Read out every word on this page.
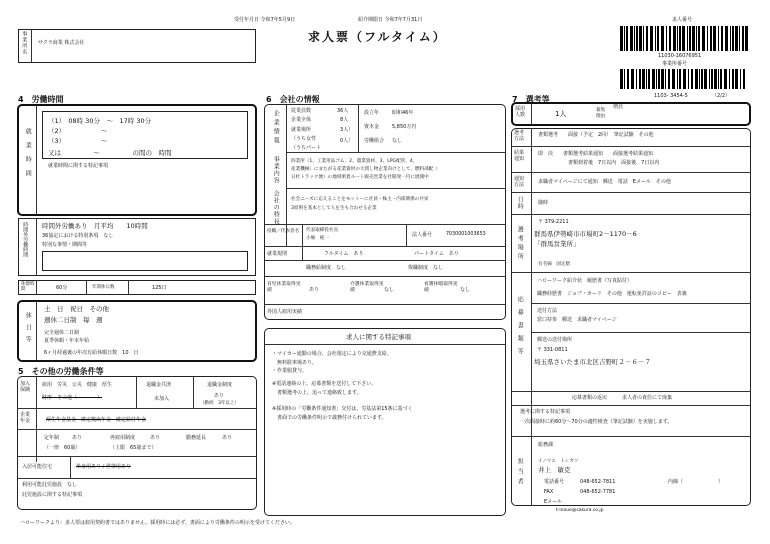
受付年月日 令和7年5月9日	紹介期限日 令和7年7月31日
求人票（フルタイム）
事業所名 サクラ商業 株式会社
求人番号
11030-16076951
事業所番号
1103- 3454-5	（2/2）
4　労働時間
就業時間
（1）　08時 30分　〜　17時 30分
（2）　　　　　　〜
（3）　　　　　　〜
又は　　　　　〜　　　　　の間の　時間
就業時間に関する特記事項
時間外労働時間 時間外労働あり　月平均　　10時間
36協定における特別条項　なし
特別な事情・期間等
休憩時間	60分	年間休日数	125日
休日等
土　日　祝日　その他
週休二日制　毎　週
完全週休二日制
夏季休暇・年末年始
6ヶ月経過後の年次有給休暇日数　10　日
5　その他の労働条件等
加入保険
雇用　労災　公災　健康　厚生
財形　その他（　　　　）
退職金共済
未加入
退職金制度
あり
（勤続　3年以上）
企業年金	厚生年金基金　確定拠出年金　確定給付年金
定年制	あり
（一律　60歳）
再雇用制度	あり
（上限　65歳まで）
勤務延長	あり
入居可能住宅	単身用あり / 世帯用あり
利用可能託児施設　なし
託児施設に関する特記事項
6　会社の情報
企業情報 従業員数
企業全体
36人
就業場所
8人
（うち女性
3人）
（うちパート
0人）
設立年	昭和46年
資本金	5,850万円
労働組合 なし
事業内容	四業所（1、工業用品ゴム、2、農業資材、3、LPG配管、4、
産業機械）にまたがる産業資材の大問し物企業向けとして、燃料部配（
日杜トラック便）の地域密着ルート販売営業を社開発一円に展開中
会社の特長	社会ニーズに応えることをモットーに社員・株主・内部関係の共栄
3原則を基本として人を生も合わせる企業
役職／代表者名	代表取締役社長
小堀　純一
法人番号	7030001003653
就業規則	フルタイム　あり	パートタイム　あり
職務給制度　なし	復職制度　なし
育児休業取得実績	あり
介護休業取得実績	なし
看護休暇取得実績	なし
外国人雇用実績
求人に関する特記事項
・マイカー通勤の場合、会社規定により交通費支給。
　無料駐車場あり。
・作業服貸与。
※電話連絡の上、応募書類を送付して下さい。
　書類選考の上、追って連絡致します。
※採用時の「労働条件通知書」交付は、労基法第15条に基づく
　書面での労働条件明示で義務付けられています。
7　選考等
採用人数	1人	募集理由
増員
選考方法
書類選考　　面接（予定　2回）　筆記試験　その他
結果通知
即　決　　書類選考結果通知　　面接選考結果通知
書類到着後　7日以内　面接後　7日以内
通知方法	求職者マイページにて通知　郵送　電話　Eメール　その他
日時	随時
選考場所
〒 379-2211
群馬県伊勢崎市市場町2－1170－6
「群馬営業所」
有毛線　国定駅
応募書類等
ハローワーク紹介状　履歴書（写真貼付）
職務経歴書　ジョブ・カード　その他　運転免許証のコピー　表裏
送付方法
窓口持参　郵送　求職者マイページ
郵送の送付場所
〒 331-0811
埼玉県さいたま市北区吉野町２－６－７
応募書類の返戻　　　求人者の責任にて廃棄
選考に関する特記事項
一次面接時に約60分〜70分の適性検査（筆記試験）を実施します。
担当者
総務課
イノウエ　トシカツ
井上　敏克
電話番号	048-652-7811	内線（	）
FAX	048-652-7781
Eメール
t-inoue@sakura.co.jp
ハローワークより：求人票は雇用契約書ではありません。採用時には必ず、書面により労働条件の明示を受けてください。
